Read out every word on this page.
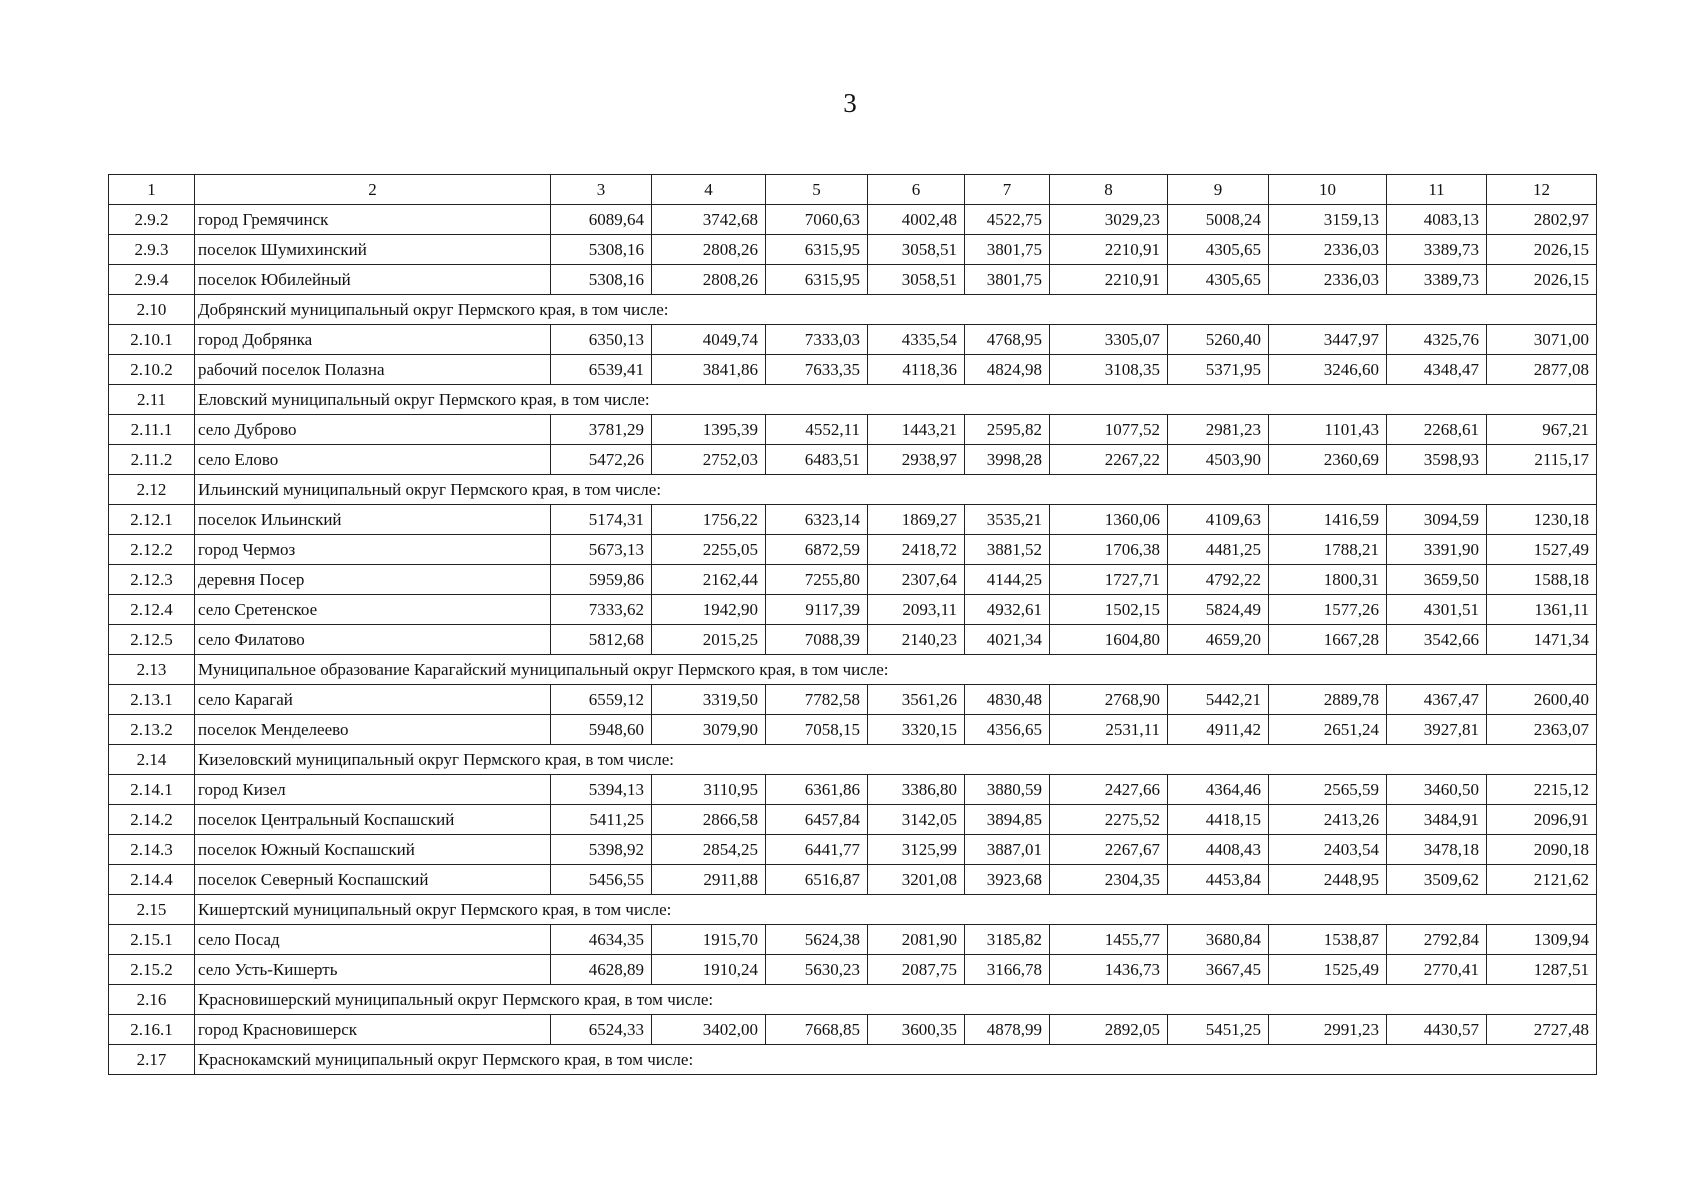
3
1	2	3	4	5	6	7	8	9	10	11	12
2.9.2	город Гремячинск	6089,64	3742,68	7060,63	4002,48	4522,75	3029,23	5008,24	3159,13	4083,13	2802,97
2.9.3	поселок Шумихинский	5308,16	2808,26	6315,95	3058,51	3801,75	2210,91	4305,65	2336,03	3389,73	2026,15
2.9.4	поселок Юбилейный	5308,16	2808,26	6315,95	3058,51	3801,75	2210,91	4305,65	2336,03	3389,73	2026,15
2.10	Добрянский муниципальный округ Пермского края, в том числе:										
2.10.1	город Добрянка	6350,13	4049,74	7333,03	4335,54	4768,95	3305,07	5260,40	3447,97	4325,76	3071,00
2.10.2	рабочий поселок Полазна	6539,41	3841,86	7633,35	4118,36	4824,98	3108,35	5371,95	3246,60	4348,47	2877,08
2.11	Еловский муниципальный округ Пермского края, в том числе:										
2.11.1	село Дуброво	3781,29	1395,39	4552,11	1443,21	2595,82	1077,52	2981,23	1101,43	2268,61	967,21
2.11.2	село Елово	5472,26	2752,03	6483,51	2938,97	3998,28	2267,22	4503,90	2360,69	3598,93	2115,17
2.12	Ильинский муниципальный округ Пермского края, в том числе:										
2.12.1	поселок Ильинский	5174,31	1756,22	6323,14	1869,27	3535,21	1360,06	4109,63	1416,59	3094,59	1230,18
2.12.2	город Чермоз	5673,13	2255,05	6872,59	2418,72	3881,52	1706,38	4481,25	1788,21	3391,90	1527,49
2.12.3	деревня Посер	5959,86	2162,44	7255,80	2307,64	4144,25	1727,71	4792,22	1800,31	3659,50	1588,18
2.12.4	село Сретенское	7333,62	1942,90	9117,39	2093,11	4932,61	1502,15	5824,49	1577,26	4301,51	1361,11
2.12.5	село Филатово	5812,68	2015,25	7088,39	2140,23	4021,34	1604,80	4659,20	1667,28	3542,66	1471,34
2.13	Муниципальное образование Карагайский муниципальный округ Пермского края, в том числе:										
2.13.1	село Карагай	6559,12	3319,50	7782,58	3561,26	4830,48	2768,90	5442,21	2889,78	4367,47	2600,40
2.13.2	поселок Менделеево	5948,60	3079,90	7058,15	3320,15	4356,65	2531,11	4911,42	2651,24	3927,81	2363,07
2.14	Кизеловский муниципальный округ Пермского края, в том числе:										
2.14.1	город Кизел	5394,13	3110,95	6361,86	3386,80	3880,59	2427,66	4364,46	2565,59	3460,50	2215,12
2.14.2	поселок Центральный Коспашский	5411,25	2866,58	6457,84	3142,05	3894,85	2275,52	4418,15	2413,26	3484,91	2096,91
2.14.3	поселок Южный Коспашский	5398,92	2854,25	6441,77	3125,99	3887,01	2267,67	4408,43	2403,54	3478,18	2090,18
2.14.4	поселок Северный Коспашский	5456,55	2911,88	6516,87	3201,08	3923,68	2304,35	4453,84	2448,95	3509,62	2121,62
2.15	Кишертский муниципальный округ Пермского края, в том числе:										
2.15.1	село Посад	4634,35	1915,70	5624,38	2081,90	3185,82	1455,77	3680,84	1538,87	2792,84	1309,94
2.15.2	село Усть-Кишерть	4628,89	1910,24	5630,23	2087,75	3166,78	1436,73	3667,45	1525,49	2770,41	1287,51
2.16	Красновишерский муниципальный округ Пермского края, в том числе:										
2.16.1	город Красновишерск	6524,33	3402,00	7668,85	3600,35	4878,99	2892,05	5451,25	2991,23	4430,57	2727,48
2.17	Краснокамский муниципальный округ Пермского края, в том числе:										
